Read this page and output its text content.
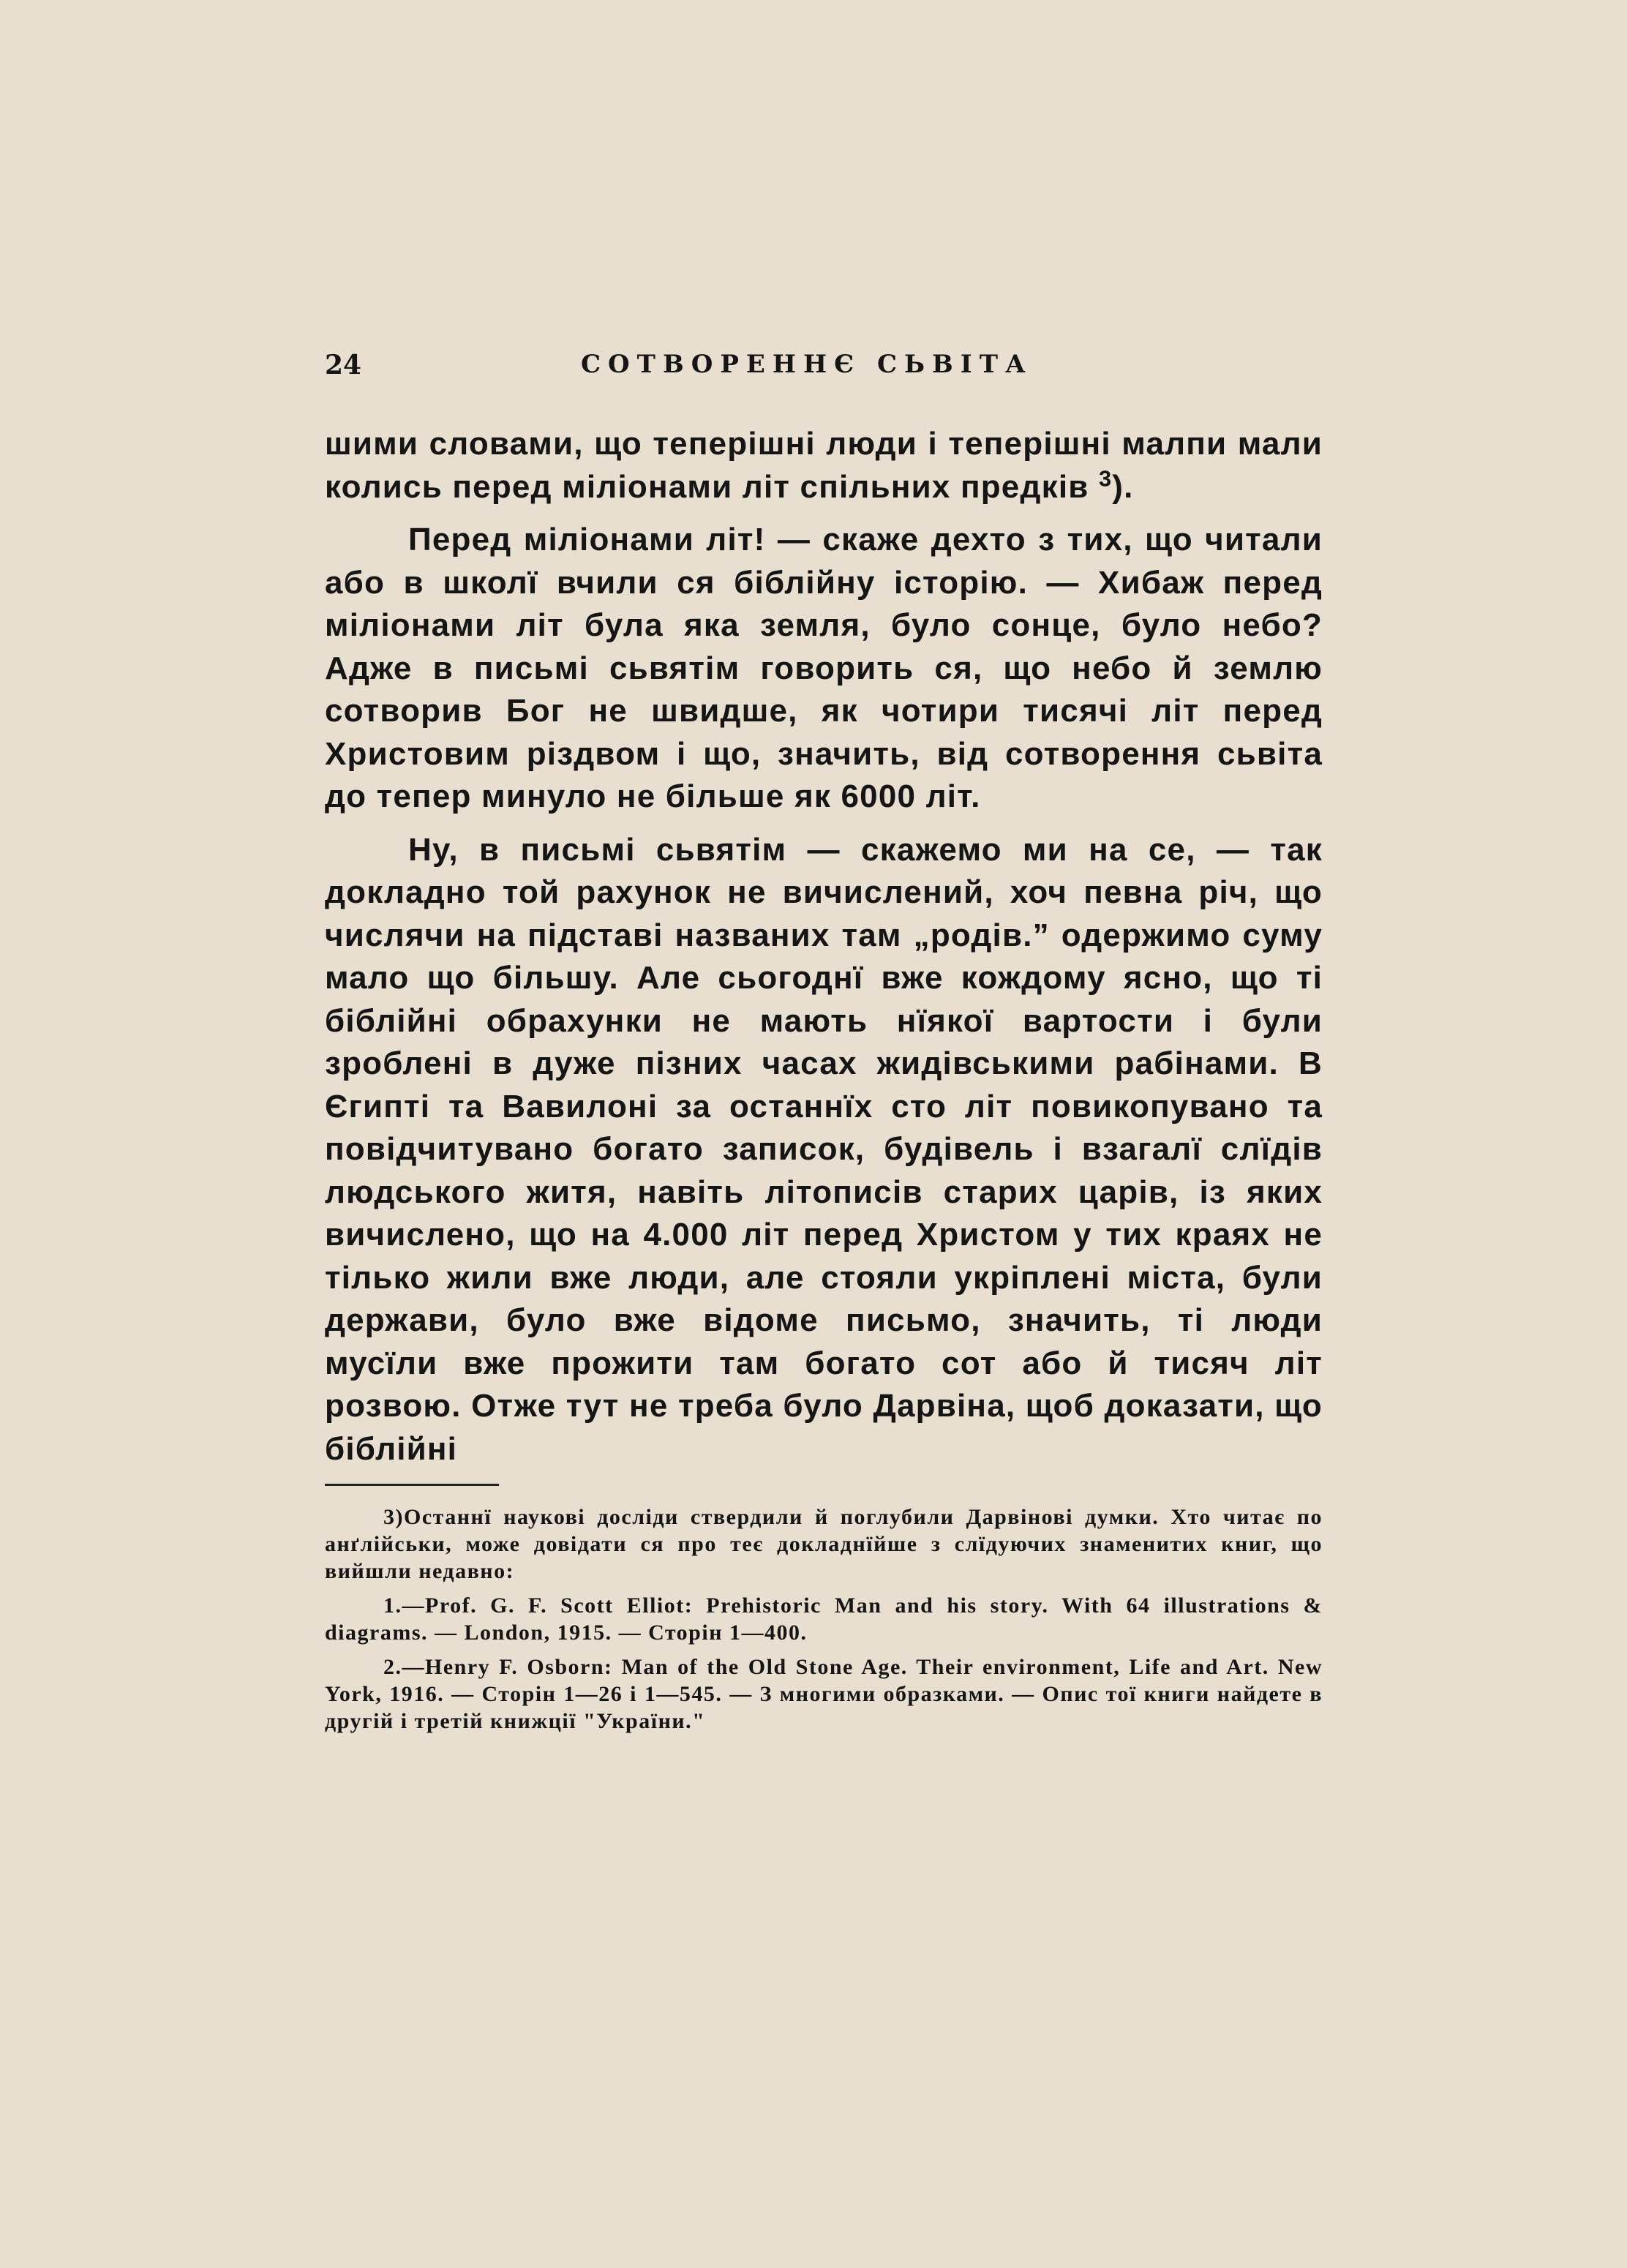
24	СОТВОРЕННЄ СЬВІТА

шими словами, що теперішні люди і теперішні малпи мали колись перед міліонами літ спільних предків $^3$).

Перед міліонами літ! — скаже дехто з тих, що читали або в школї вчили ся біблійну історію. — Хибаж перед міліонами літ була яка земля, було сонце, було небо? Адже в письмі сьвятім говорить ся, що небо й землю сотворив Бог не швидше, як чотири тисячі літ перед Христовим різдвом і що, значить, від сотворення сьвіта до тепер минуло не більше як 6000 літ.

Ну, в письмі сьвятім — скажемо ми на се, — так докладно той рахунок не вичислений, хоч певна річ, що числячи на підставі названих там „родів.” одержимо суму мало що більшу. Але сьогоднї вже кождому ясно, що ті біблійні обрахунки не мають нїякої вартости і були зроблені в дуже пізних часах жидівськими рабінами. В Єгипті та Вавилоні за останнїх сто літ повикопувано та повідчитувано богато записок, будівель і взагалї слїдів людського житя, навіть літописів старих царів, із яких вичислено, що на 4.000 літ перед Христом у тих краях не тілько жили вже люди, але стояли укріплені міста, були держави, було вже відоме письмо, значить, ті люди мусїли вже прожити там богато сот або й тисяч літ розвою. Отже тут не треба було Дарвіна, щоб доказати, що біблійні

3)Останнї наукові досліди ствердили й поглубили Дарвінові думки. Хто читає по анґлійськи, може довідати ся про теє докладнїйше з слїдуючих знаменитих книг, що вийшли недавно:

1.—Prof. G. F. Scott Elliot: Prehistoric Man and his story. With 64 illustrations & diagrams. — London, 1915. — Сторін 1—400.

2.—Henry F. Osborn: Man of the Old Stone Age. Their environment, Life and Art. New York, 1916. — Сторін 1—26 і 1—545. — З многими образками. — Опис тої книги найдете в другій і третій книжції "України."
